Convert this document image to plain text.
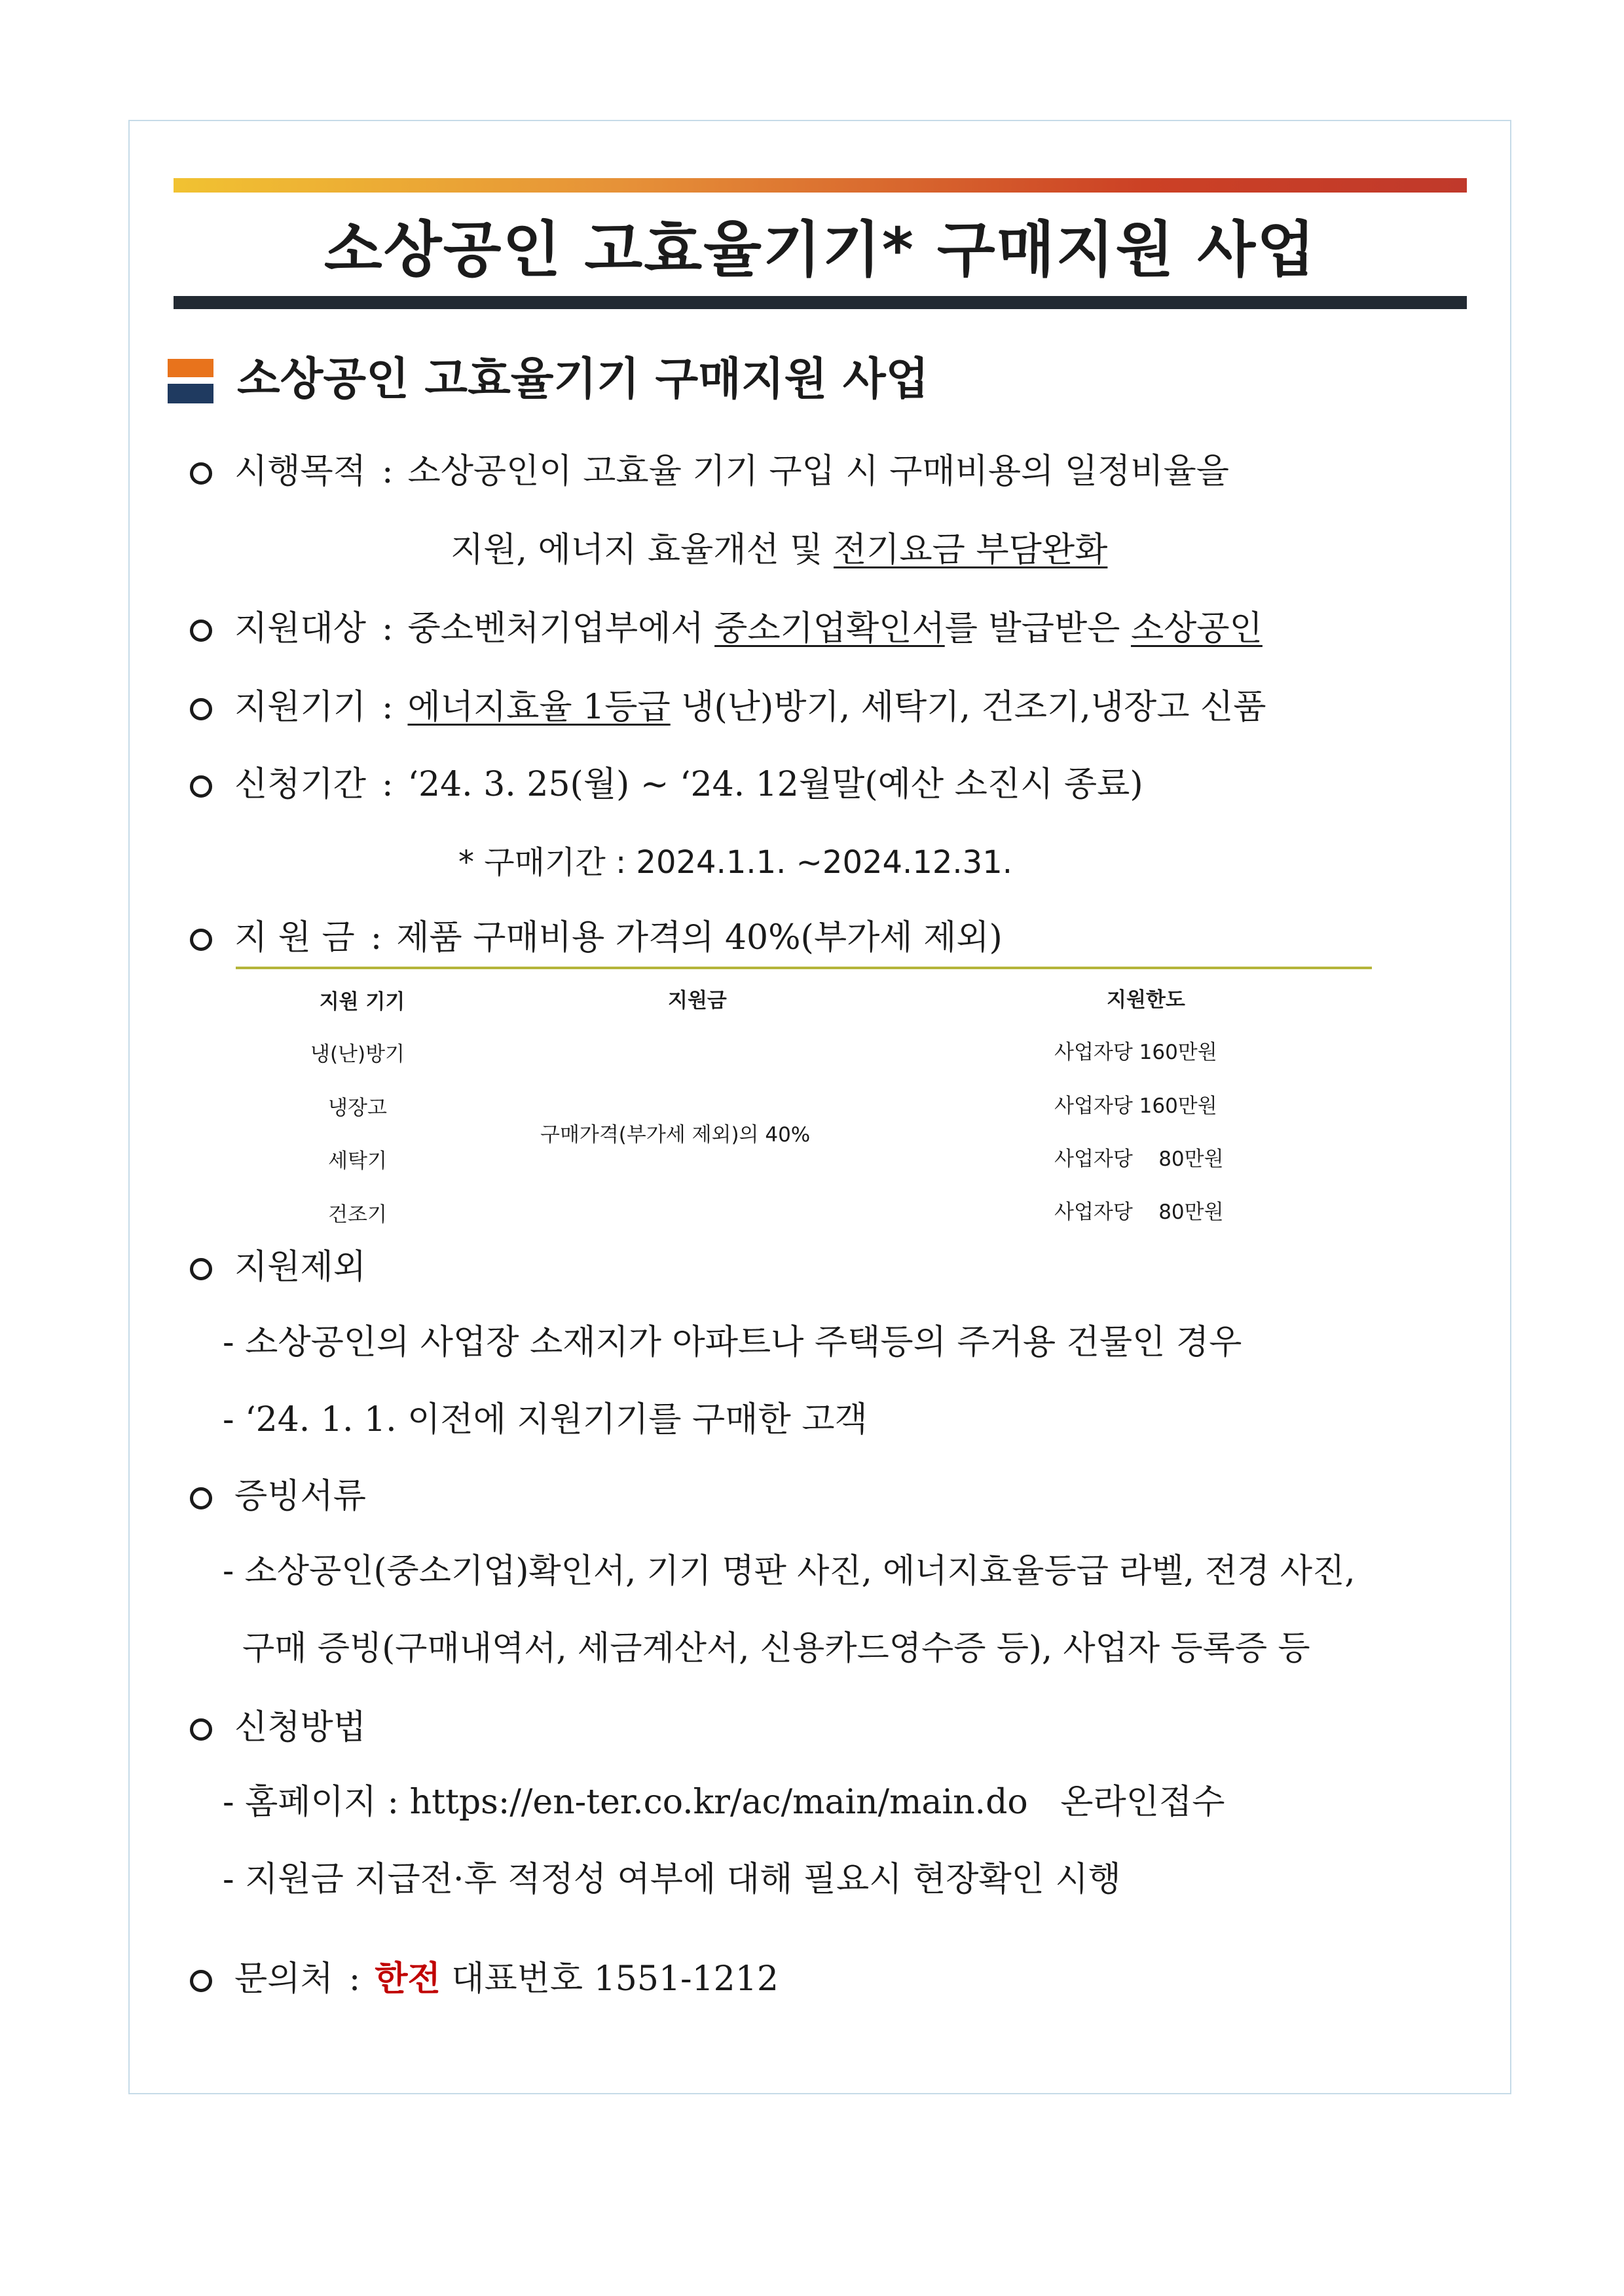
소상공인 고효율기기* 구매지원 사업
소상공인 고효율기기 구매지원 사업
시행목적 : 소상공인이 고효율 기기 구입 시 구매비용의 일정비율을
지원, 에너지 효율개선 및 전기요금 부담완화
지원대상 : 중소벤처기업부에서 중소기업확인서를 발급받은 소상공인
지원기기 : 에너지효율 1등급 냉(난)방기, 세탁기, 건조기,냉장고 신품
신청기간 : ‘24. 3. 25(월) ~ ‘24. 12월말(예산 소진시 종료)
* 구매기간 : 2024.1.1. ~2024.12.31.
지 원 금 : 제품 구매비용 가격의 40%(부가세 제외)
지원 기기	지원금	지원한도
냉(난)방기
냉장고
세탁기
건조기
구매가격(부가세 제외)의 40%
사업자당 160만원
사업자당 160만원
사업자당    80만원
사업자당    80만원
지원제외
- 소상공인의 사업장 소재지가 아파트나 주택등의 주거용 건물인 경우
- ‘24. 1. 1. 이전에 지원기기를 구매한 고객
증빙서류
- 소상공인(중소기업)확인서, 기기 명판 사진, 에너지효율등급 라벨, 전경 사진,
구매 증빙(구매내역서, 세금계산서, 신용카드영수증 등), 사업자 등록증 등
신청방법
- 홈페이지 : https://en-ter.co.kr/ac/main/main.do   온라인접수
- 지원금 지급전·후 적정성 여부에 대해 필요시 현장확인 시행
문의처 : 한전 대표번호 1551-1212
